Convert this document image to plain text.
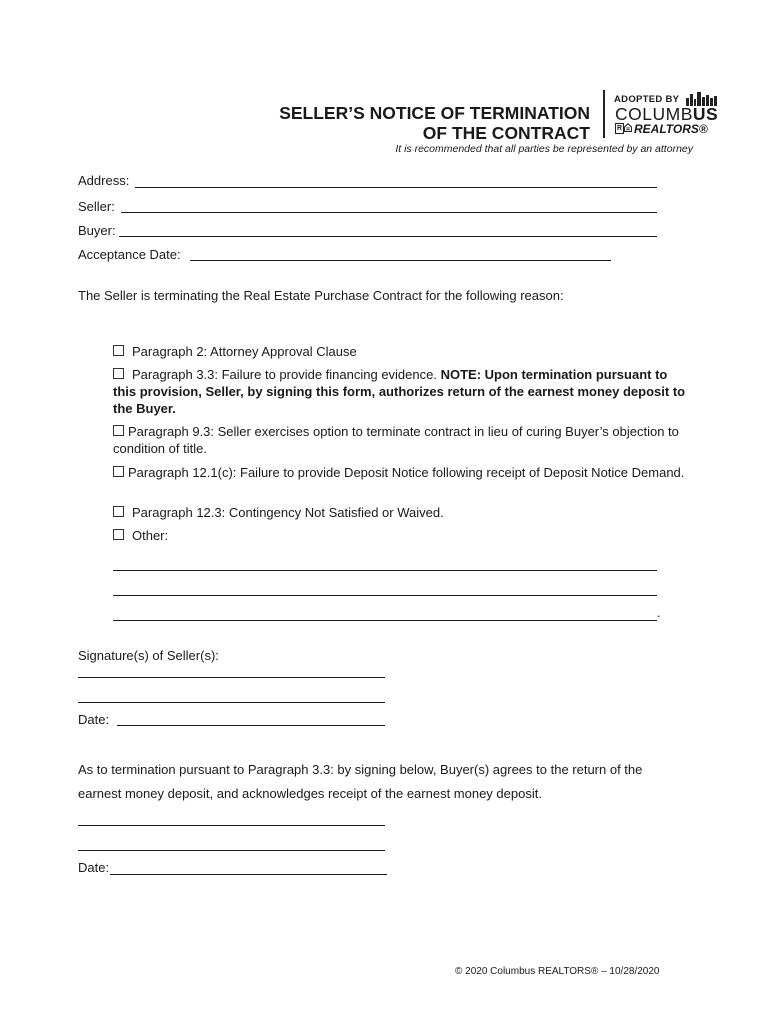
SELLER’S NOTICE OF TERMINATION
OF THE CONTRACT
ADOPTED BY
COLUMBUS
R REALTORS®
It is recommended that all parties be represented by an attorney
Address:
Seller:
Buyer:
Acceptance Date:
The Seller is terminating the Real Estate Purchase Contract for the following reason:
Paragraph 2: Attorney Approval Clause
Paragraph 3.3: Failure to provide financing evidence. NOTE: Upon termination pursuant to this provision, Seller, by signing this form, authorizes return of the earnest money deposit to the Buyer.
Paragraph 9.3: Seller exercises option to terminate contract in lieu of curing Buyer’s objection to condition of title.
Paragraph 12.1(c): Failure to provide Deposit Notice following receipt of Deposit Notice Demand.
Paragraph 12.3: Contingency Not Satisfied or Waived.
Other:
.
Signature(s) of Seller(s):
Date:
As to termination pursuant to Paragraph 3.3: by signing below, Buyer(s) agrees to the return of the
earnest money deposit, and acknowledges receipt of the earnest money deposit.
Date:
© 2020 Columbus REALTORS® – 10/28/2020
